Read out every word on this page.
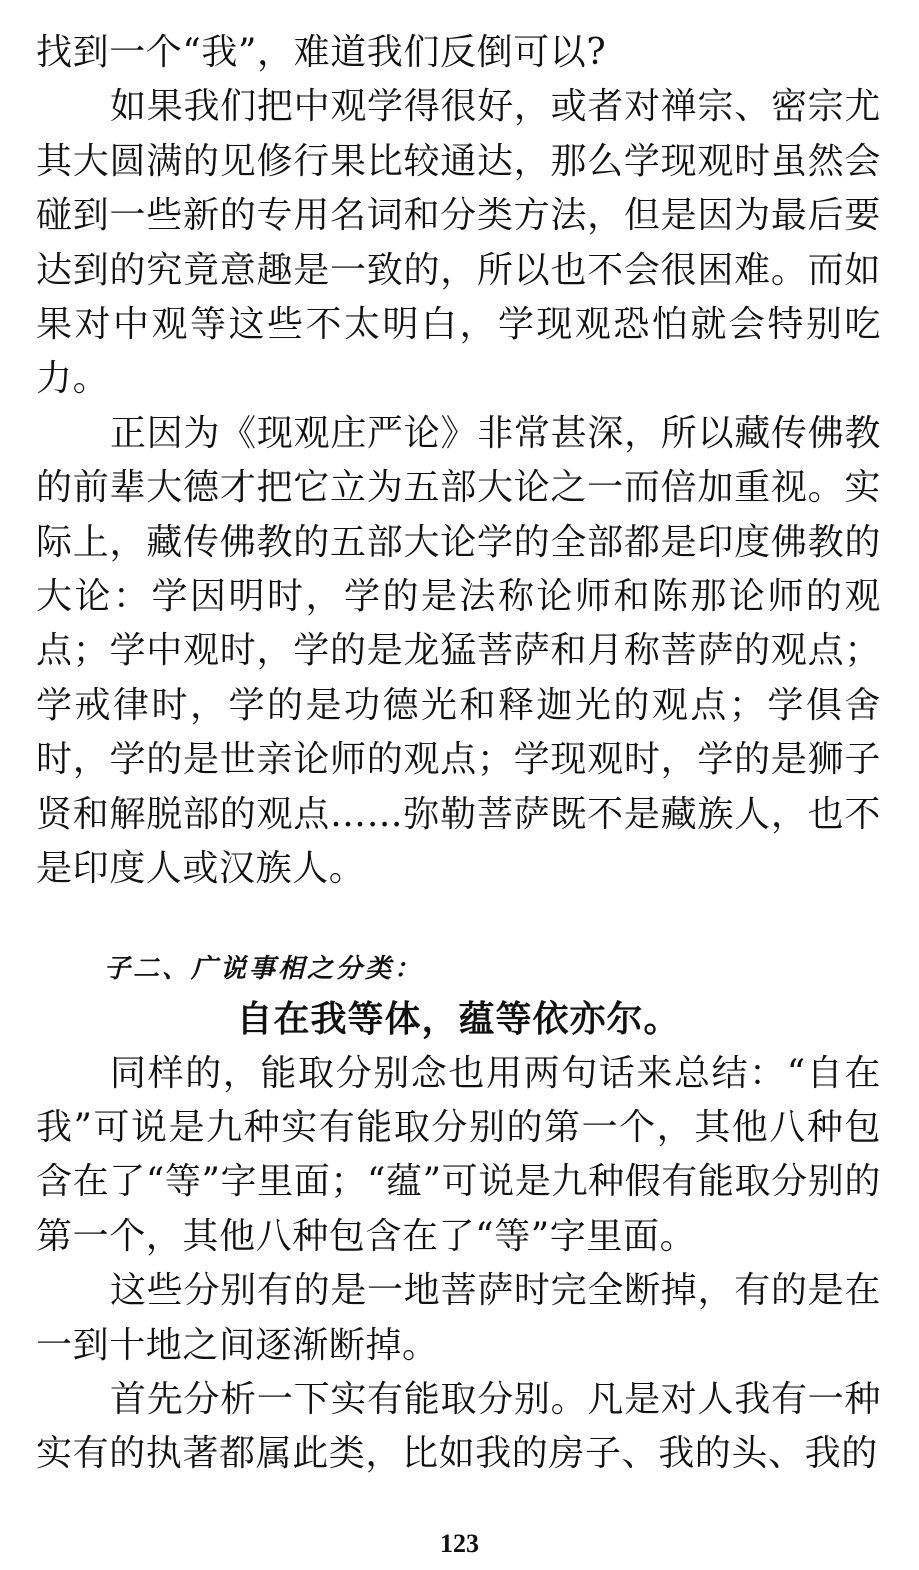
找到一个“我”，难道我们反倒可以?

如果我们把中观学得很好，或者对禅宗、密宗尤其大圆满的见修行果比较通达，那么学现观时虽然会碰到一些新的专用名词和分类方法，但是因为最后要达到的究竟意趣是一致的，所以也不会很困难。而如果对中观等这些不太明白，学现观恐怕就会特别吃力。

正因为《现观庄严论》非常甚深，所以藏传佛教的前辈大德才把它立为五部大论之一而倍加重视。实际上，藏传佛教的五部大论学的全部都是印度佛教的大论：学因明时，学的是法称论师和陈那论师的观点；学中观时，学的是龙猛菩萨和月称菩萨的观点；学戒律时，学的是功德光和释迦光的观点；学俱舍时，学的是世亲论师的观点；学现观时，学的是狮子贤和解脱部的观点……弥勒菩萨既不是藏族人，也不是印度人或汉族人。

子二、广说事相之分类：

自在我等体，蕴等依亦尔。

同样的，能取分别念也用两句话来总结：“自在我”可说是九种实有能取分别的第一个，其他八种包含在了“等”字里面；“蕴”可说是九种假有能取分别的第一个，其他八种包含在了“等”字里面。

这些分别有的是一地菩萨时完全断掉，有的是在一到十地之间逐渐断掉。

首先分析一下实有能取分别。凡是对人我有一种实有的执著都属此类，比如我的房子、我的头、我的

123
